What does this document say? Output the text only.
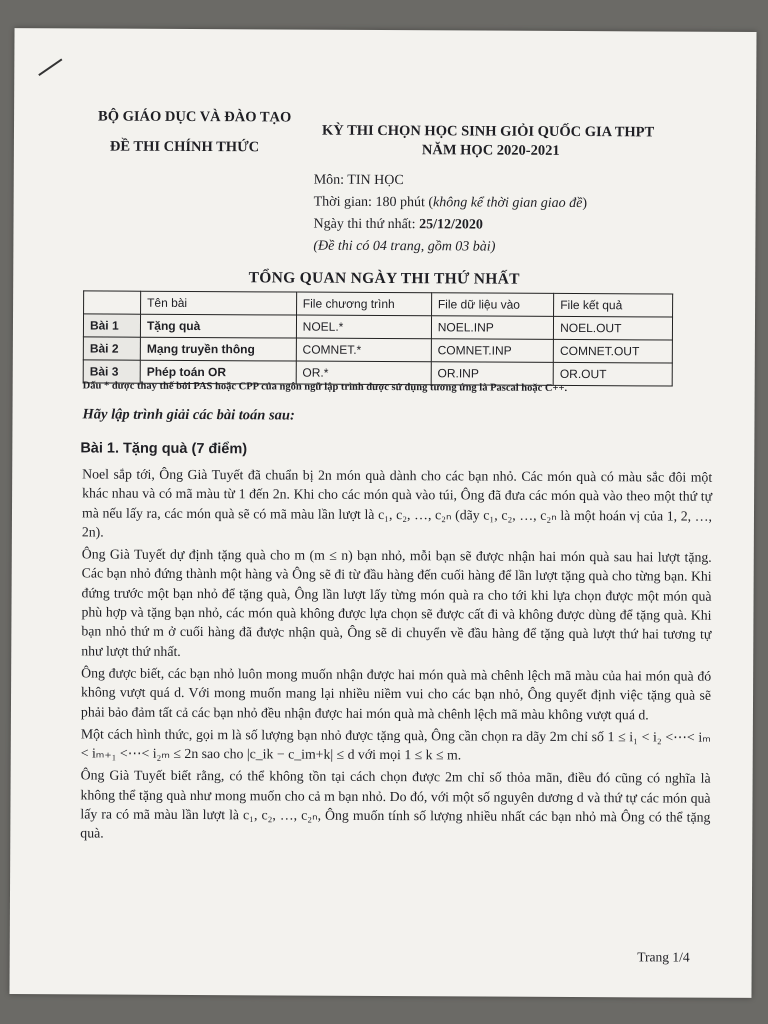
BỘ GIÁO DỤC VÀ ĐÀO TẠO
ĐỀ THI CHÍNH THỨC
KỲ THI CHỌN HỌC SINH GIỎI QUỐC GIA THPT
NĂM HỌC 2020-2021
Môn: TIN HỌC
Thời gian: 180 phút (không kể thời gian giao đề)
Ngày thi thứ nhất: 25/12/2020
(Đề thi có 04 trang, gồm 03 bài)
TỔNG QUAN NGÀY THI THỨ NHẤT
	Tên bài	File chương trình	File dữ liệu vào	File kết quả
Bài 1	Tặng quà	NOEL.*	NOEL.INP	NOEL.OUT
Bài 2	Mạng truyền thông	COMNET.*	COMNET.INP	COMNET.OUT
Bài 3	Phép toán OR	OR.*	OR.INP	OR.OUT
Dấu * được thay thế bởi PAS hoặc CPP của ngôn ngữ lập trình được sử dụng tương ứng là Pascal hoặc C++.
Hãy lập trình giải các bài toán sau:
Bài 1. Tặng quà (7 điểm)

Noel sắp tới, Ông Già Tuyết đã chuẩn bị 2n món quà dành cho các bạn nhỏ. Các món quà có màu sắc đôi một khác nhau và có mã màu từ 1 đến 2n. Khi cho các món quà vào túi, Ông đã đưa các món quà vào theo một thứ tự mà nếu lấy ra, các món quà sẽ có mã màu lần lượt là c₁, c₂, …, c₂ₙ (dãy c₁, c₂, …, c₂ₙ là một hoán vị của 1, 2, …, 2n).

Ông Già Tuyết dự định tặng quà cho m (m ≤ n) bạn nhỏ, mỗi bạn sẽ được nhận hai món quà sau hai lượt tặng. Các bạn nhỏ đứng thành một hàng và Ông sẽ đi từ đầu hàng đến cuối hàng để lần lượt tặng quà cho từng bạn. Khi đứng trước một bạn nhỏ để tặng quà, Ông lần lượt lấy từng món quà ra cho tới khi lựa chọn được một món quà phù hợp và tặng bạn nhỏ, các món quà không được lựa chọn sẽ được cất đi và không được dùng để tặng quà. Khi bạn nhỏ thứ m ở cuối hàng đã được nhận quà, Ông sẽ di chuyển về đầu hàng để tặng quà lượt thứ hai tương tự như lượt thứ nhất.

Ông được biết, các bạn nhỏ luôn mong muốn nhận được hai món quà mà chênh lệch mã màu của hai món quà đó không vượt quá d. Với mong muốn mang lại nhiều niềm vui cho các bạn nhỏ, Ông quyết định việc tặng quà sẽ phải bảo đảm tất cả các bạn nhỏ đều nhận được hai món quà mà chênh lệch mã màu không vượt quá d.

Một cách hình thức, gọi m là số lượng bạn nhỏ được tặng quà, Ông cần chọn ra dãy 2m chỉ số 1 ≤ i₁ < i₂ <⋯< iₘ < iₘ₊₁ <⋯< i₂ₘ ≤ 2n sao cho |c_ik − c_im+k| ≤ d với mọi 1 ≤ k ≤ m.

Ông Già Tuyết biết rằng, có thể không tồn tại cách chọn được 2m chỉ số thỏa mãn, điều đó cũng có nghĩa là không thể tặng quà như mong muốn cho cả m bạn nhỏ. Do đó, với một số nguyên dương d và thứ tự các món quà lấy ra có mã màu lần lượt là c₁, c₂, …, c₂ₙ, Ông muốn tính số lượng nhiều nhất các bạn nhỏ mà Ông có thể tặng quà.

Trang 1/4
